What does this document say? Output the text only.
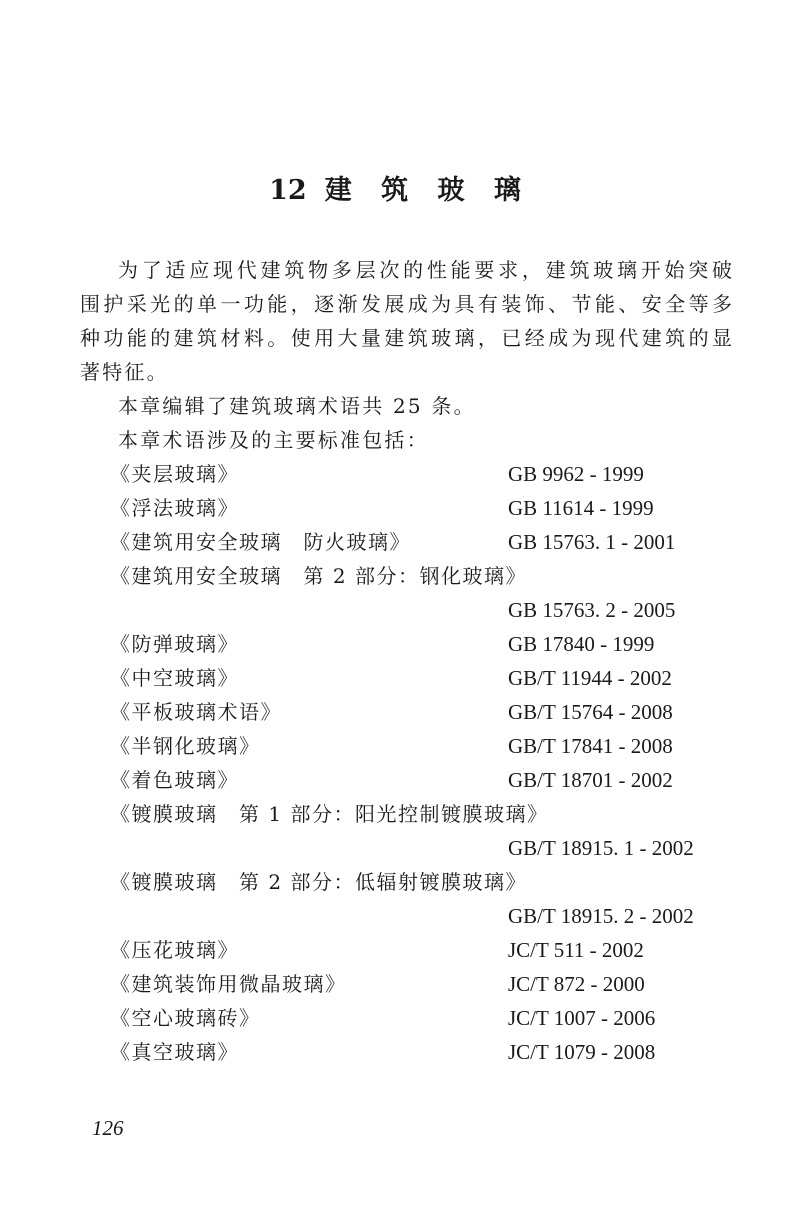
12 建 筑 玻 璃
为了适应现代建筑物多层次的性能要求，建筑玻璃开始突破
围护采光的单一功能，逐渐发展成为具有装饰、节能、安全等多
种功能的建筑材料。使用大量建筑玻璃，已经成为现代建筑的显
著特征。
本章编辑了建筑玻璃术语共 25 条。
本章术语涉及的主要标准包括：
《夹层玻璃》	GB 9962 - 1999
《浮法玻璃》	GB 11614 - 1999
《建筑用安全玻璃　防火玻璃》	GB 15763. 1 - 2001
《建筑用安全玻璃　第 2 部分：钢化玻璃》
GB 15763. 2 - 2005
《防弹玻璃》	GB 17840 - 1999
《中空玻璃》	GB/T 11944 - 2002
《平板玻璃术语》	GB/T 15764 - 2008
《半钢化玻璃》	GB/T 17841 - 2008
《着色玻璃》	GB/T 18701 - 2002
《镀膜玻璃　第 1 部分：阳光控制镀膜玻璃》
GB/T 18915. 1 - 2002
《镀膜玻璃　第 2 部分：低辐射镀膜玻璃》
GB/T 18915. 2 - 2002
《压花玻璃》	JC/T 511 - 2002
《建筑装饰用微晶玻璃》	JC/T 872 - 2000
《空心玻璃砖》	JC/T 1007 - 2006
《真空玻璃》	JC/T 1079 - 2008
126
